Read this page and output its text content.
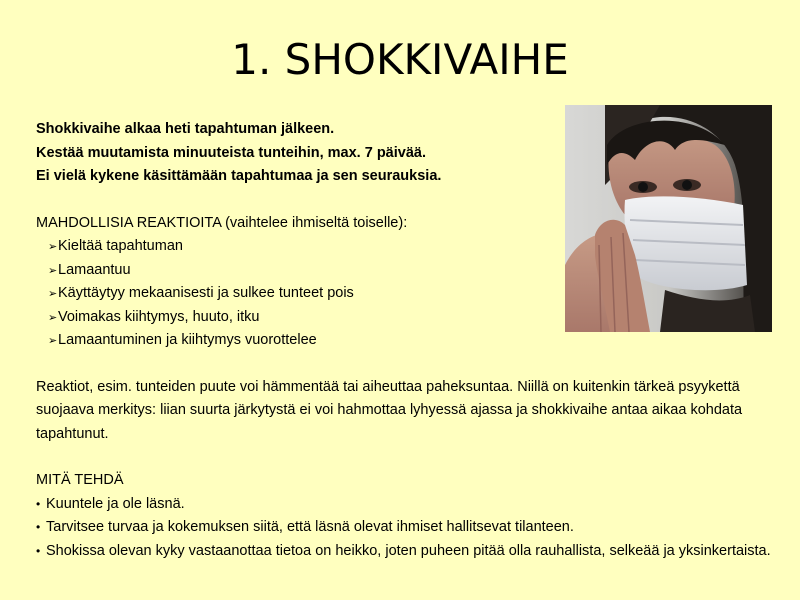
1. SHOKKIVAIHE
Shokkivaihe alkaa heti tapahtuman jälkeen.
Kestää muutamista minuuteista tunteihin, max. 7 päivää.
Ei vielä kykene käsittämään tapahtumaa ja sen seurauksia.
MAHDOLLISIA REAKTIOITA (vaihtelee ihmiseltä toiselle):
➢Kieltää tapahtuman
➢Lamaantuu
➢Käyttäytyy mekaanisesti ja sulkee tunteet pois
➢Voimakas kiihtymys, huuto, itku
➢Lamaantuminen ja kiihtymys vuorottelee
Reaktiot, esim. tunteiden puute voi hämmentää tai aiheuttaa paheksuntaa. Niillä on kuitenkin tärkeä psyykettä suojaava merkitys: liian suurta järkytystä ei voi hahmottaa lyhyessä ajassa ja shokkivaihe antaa aikaa kohdata tapahtunut.
MITÄ TEHDÄ
• Kuuntele ja ole läsnä.
• Tarvitsee turvaa ja kokemuksen siitä, että läsnä olevat ihmiset hallitsevat tilanteen.
• Shokissa olevan kyky vastaanottaa tietoa on heikko, joten puheen pitää olla rauhallista, selkeää ja yksinkertaista.
